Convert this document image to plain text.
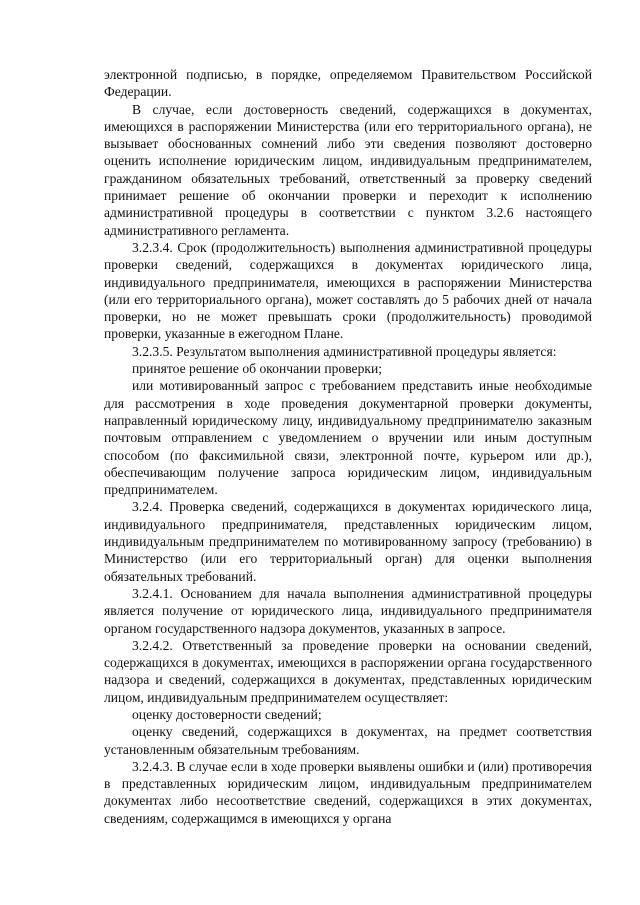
электронной подписью, в порядке, определяемом Правительством Российской Федерации.

В случае, если достоверность сведений, содержащихся в документах, имеющихся в распоряжении Министерства (или его территориального органа), не вызывает обоснованных сомнений либо эти сведения позволяют достоверно оценить исполнение юридическим лицом, индивидуальным предпринимателем, гражданином обязательных требований, ответственный за проверку сведений принимает решение об окончании проверки и переходит к исполнению административной процедуры в соответствии с пунктом 3.2.6 настоящего административного регламента.

3.2.3.4. Срок (продолжительность) выполнения административной процедуры проверки сведений, содержащихся в документах юридического лица, индивидуального предпринимателя, имеющихся в распоряжении Министерства (или его территориального органа), может составлять до 5 рабочих дней от начала проверки, но не может превышать сроки (продолжительность) проводимой проверки, указанные в ежегодном Плане.

3.2.3.5. Результатом выполнения административной процедуры является:

принятое решение об окончании проверки;

или мотивированный запрос с требованием представить иные необходимые для рассмотрения в ходе проведения документарной проверки документы, направленный юридическому лицу, индивидуальному предпринимателю заказным почтовым отправлением с уведомлением о вручении или иным доступным способом (по факсимильной связи, электронной почте, курьером или др.), обеспечивающим получение запроса юридическим лицом, индивидуальным предпринимателем.

3.2.4. Проверка сведений, содержащихся в документах юридического лица, индивидуального предпринимателя, представленных юридическим лицом, индивидуальным предпринимателем по мотивированному запросу (требованию) в Министерство (или его территориальный орган) для оценки выполнения обязательных требований.

3.2.4.1. Основанием для начала выполнения административной процедуры является получение от юридического лица, индивидуального предпринимателя органом государственного надзора документов, указанных в запросе.

3.2.4.2. Ответственный за проведение проверки на основании сведений, содержащихся в документах, имеющихся в распоряжении органа государственного надзора и сведений, содержащихся в документах, представленных юридическим лицом, индивидуальным предпринимателем осуществляет:

оценку достоверности сведений;

оценку сведений, содержащихся в документах, на предмет соответствия установленным обязательным требованиям.

3.2.4.3. В случае если в ходе проверки выявлены ошибки и (или) противоречия в представленных юридическим лицом, индивидуальным предпринимателем документах либо несоответствие сведений, содержащихся в этих документах, сведениям, содержащимся в имеющихся у органа
